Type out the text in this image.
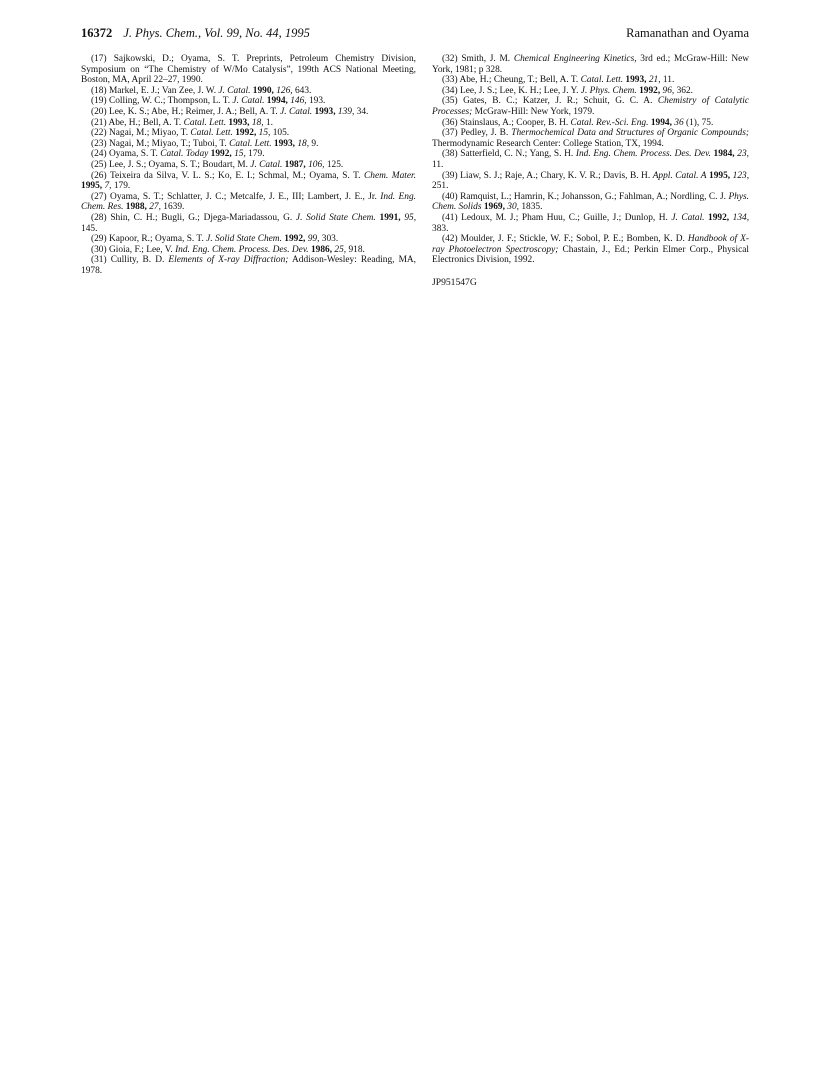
16372 J. Phys. Chem., Vol. 99, No. 44, 1995	Ramanathan and Oyama

(17) Sajkowski, D.; Oyama, S. T. Preprints, Petroleum Chemistry Division, Symposium on “The Chemistry of W/Mo Catalysis”, 199th ACS National Meeting, Boston, MA, April 22–27, 1990.

(18) Markel, E. J.; Van Zee, J. W. J. Catal. 1990, 126, 643.

(19) Colling, W. C.; Thompson, L. T. J. Catal. 1994, 146, 193.

(20) Lee, K. S.; Abe, H.; Reimer, J. A.; Bell, A. T. J. Catal. 1993, 139, 34.

(21) Abe, H.; Bell, A. T. Catal. Lett. 1993, 18, 1.

(22) Nagai, M.; Miyao, T. Catal. Lett. 1992, 15, 105.

(23) Nagai, M.; Miyao, T.; Tuboi, T. Catal. Lett. 1993, 18, 9.

(24) Oyama, S. T. Catal. Today 1992, 15, 179.

(25) Lee, J. S.; Oyama, S. T.; Boudart, M. J. Catal. 1987, 106, 125.

(26) Teixeira da Silva, V. L. S.; Ko, E. I.; Schmal, M.; Oyama, S. T. Chem. Mater. 1995, 7, 179.

(27) Oyama, S. T.; Schlatter, J. C.; Metcalfe, J. E., III; Lambert, J. E., Jr. Ind. Eng. Chem. Res. 1988, 27, 1639.

(28) Shin, C. H.; Bugli, G.; Djega-Mariadassou, G. J. Solid State Chem. 1991, 95, 145.

(29) Kapoor, R.; Oyama, S. T. J. Solid State Chem. 1992, 99, 303.

(30) Gioia, F.; Lee, V. Ind. Eng. Chem. Process. Des. Dev. 1986, 25, 918.

(31) Cullity, B. D. Elements of X-ray Diffraction; Addison-Wesley: Reading, MA, 1978.

(32) Smith, J. M. Chemical Engineering Kinetics, 3rd ed.; McGraw-Hill: New York, 1981; p 328.

(33) Abe, H.; Cheung, T.; Bell, A. T. Catal. Lett. 1993, 21, 11.

(34) Lee, J. S.; Lee, K. H.; Lee, J. Y. J. Phys. Chem. 1992, 96, 362.

(35) Gates, B. C.; Katzer, J. R.; Schuit, G. C. A. Chemistry of Catalytic Processes; McGraw-Hill: New York, 1979.

(36) Stainslaus, A.; Cooper, B. H. Catal. Rev.-Sci. Eng. 1994, 36 (1), 75.

(37) Pedley, J. B. Thermochemical Data and Structures of Organic Compounds; Thermodynamic Research Center: College Station, TX, 1994.

(38) Satterfield, C. N.; Yang, S. H. Ind. Eng. Chem. Process. Des. Dev. 1984, 23, 11.

(39) Liaw, S. J.; Raje, A.; Chary, K. V. R.; Davis, B. H. Appl. Catal. A 1995, 123, 251.

(40) Ramquist, L.; Hamrin, K.; Johansson, G.; Fahlman, A.; Nordling, C. J. Phys. Chem. Solids 1969, 30, 1835.

(41) Ledoux, M. J.; Pham Huu, C.; Guille, J.; Dunlop, H. J. Catal. 1992, 134, 383.

(42) Moulder, J. F.; Stickle, W. F.; Sobol, P. E.; Bomben, K. D. Handbook of X-ray Photoelectron Spectroscopy; Chastain, J., Ed.; Perkin Elmer Corp., Physical Electronics Division, 1992.

JP951547G
